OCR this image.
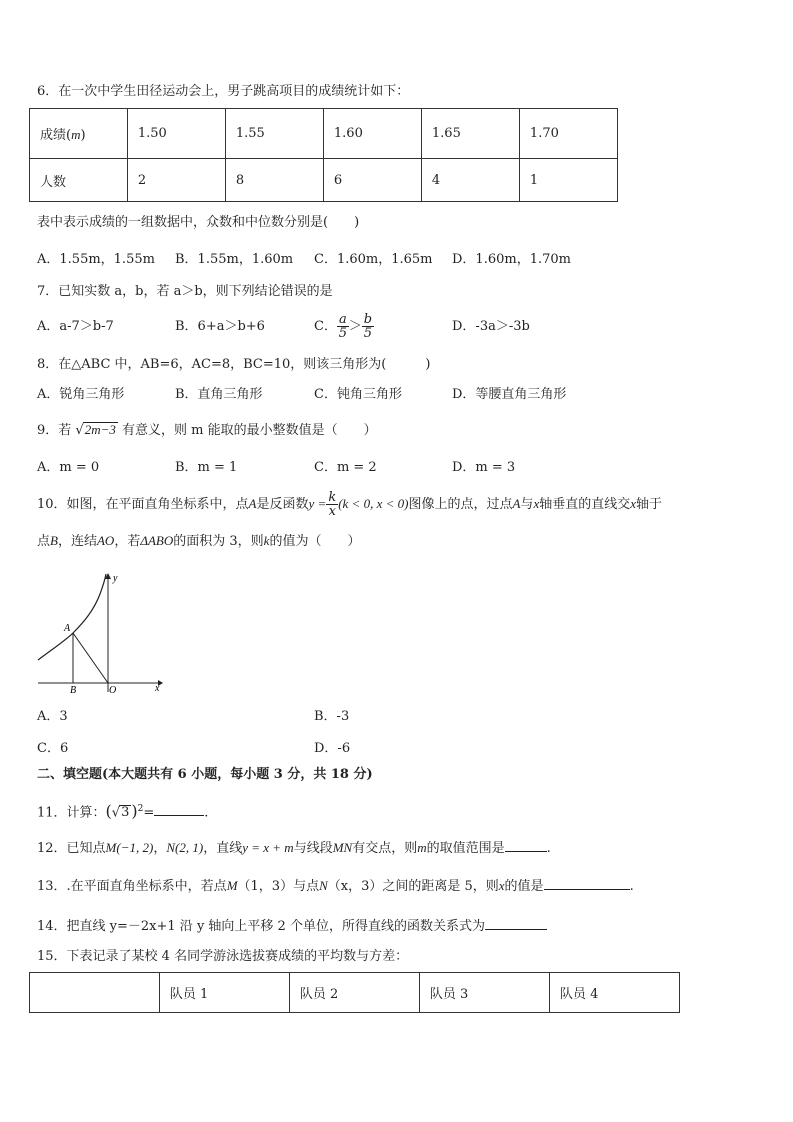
6．在一次中学生田径运动会上，男子跳高项目的成绩统计如下：
成绩(m)	1.50	1.55	1.60	1.65	1.70
人数	2	8	6	4	1
表中表示成绩的一组数据中，众数和中位数分别是(　　)
A．1.55m，1.55m B．1.55m，1.60m C．1.60m，1.65m D．1.60m，1.70m
7．已知实数 a，b，若 a＞b，则下列结论错误的是
A．a-7＞b-7	B．6+a＞b+6	C． $\frac{a}{5} > \frac{b}{5}$	D．-3a＞-3b
8．在△ABC 中，AB=6，AC=8，BC=10，则该三角形为(　　　)
A．锐角三角形	B．直角三角形	C．钝角三角形	D．等腰直角三角形
9．若 √2m−3 有意义，则 m 能取的最小整数值是（　　）
A．m = 0	B．m = 1	C．m = 2	D．m = 3
10．如图，在平面直角坐标系中，点A是反函数$y = \frac{k}{x} (k < 0$, x < 0)图像上的点，过点A与x轴垂直的直线交x轴于
点B，连结AO，若ΔABO的面积为 3，则k的值为（　　）
y
x
A
B	O
A．3	B．-3
C．6	D．-6
二、填空题(本大题共有 6 小题，每小题 3 分，共 18 分)
11．计算：(√3 )$^2$=	.
12．已知点M(−1, 2)，N(2, 1)，直线y = x + m与线段MN有交点，则m的取值范围是	.
13．.在平面直角坐标系中，若点M（1，3）与点N（x，3）之间的距离是 5，则x的值是	.
14．把直线 y=－2x+1 沿 y 轴向上平移 2 个单位，所得直线的函数关系式为
15．下表记录了某校 4 名同学游泳选拔赛成绩的平均数与方差：
	队员 1	队员 2	队员 3	队员 4
